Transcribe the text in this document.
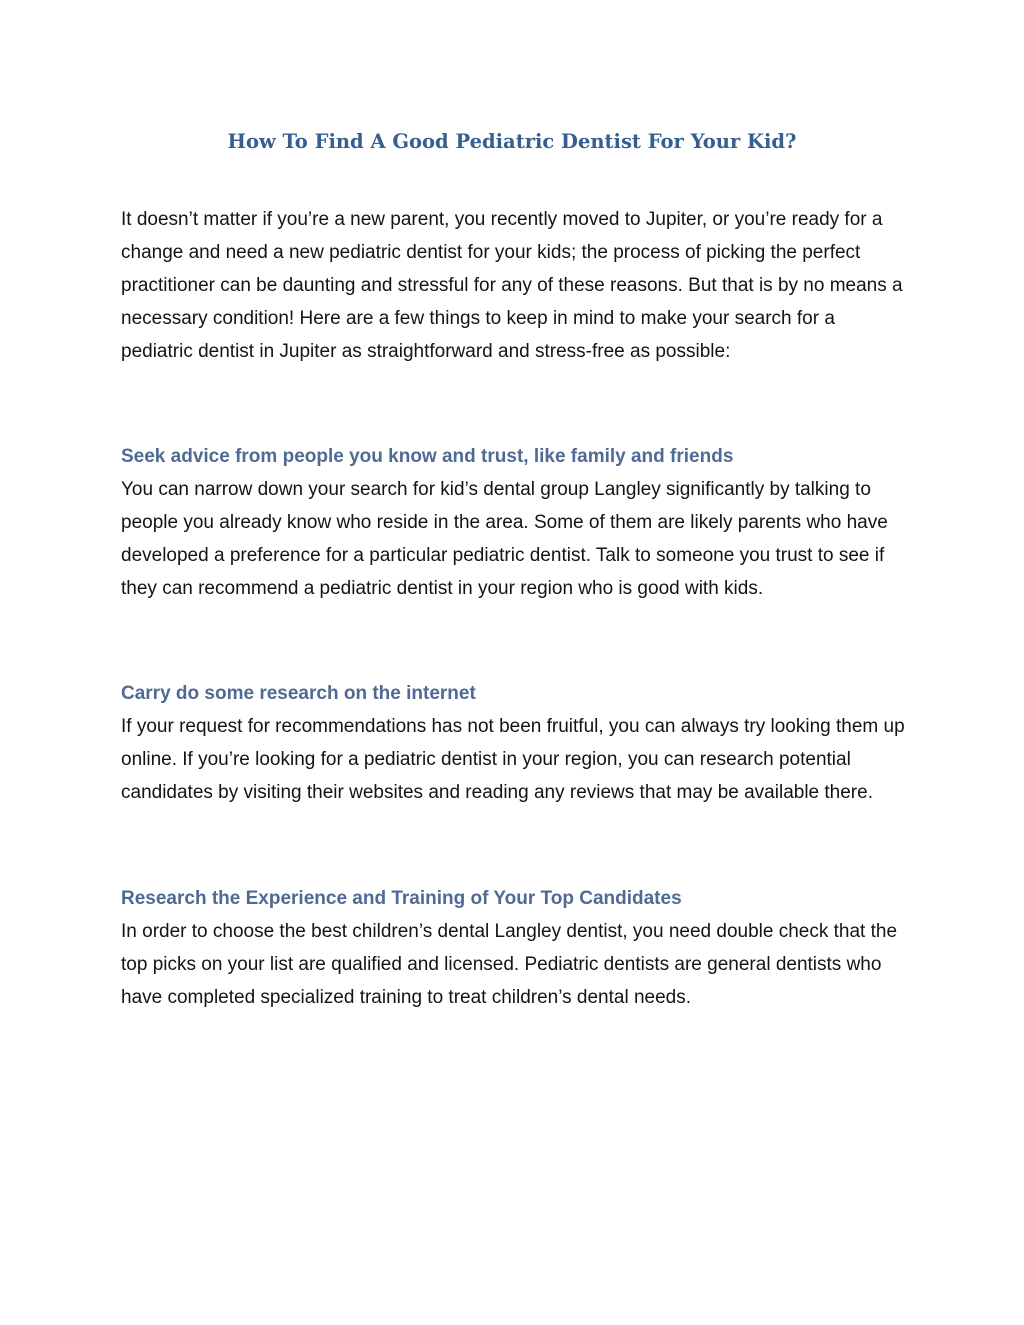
How To Find A Good Pediatric Dentist For Your Kid?

It doesn’t matter if you’re a new parent, you recently moved to Jupiter, or you’re ready for a change and need a new pediatric dentist for your kids; the process of picking the perfect practitioner can be daunting and stressful for any of these reasons. But that is by no means a necessary condition! Here are a few things to keep in mind to make your search for a pediatric dentist in Jupiter as straightforward and stress-free as possible:

Seek advice from people you know and trust, like family and friends

You can narrow down your search for kid’s dental group Langley significantly by talking to people you already know who reside in the area. Some of them are likely parents who have developed a preference for a particular pediatric dentist. Talk to someone you trust to see if they can recommend a pediatric dentist in your region who is good with kids.

Carry do some research on the internet

If your request for recommendations has not been fruitful, you can always try looking them up online. If you’re looking for a pediatric dentist in your region, you can research potential candidates by visiting their websites and reading any reviews that may be available there.

Research the Experience and Training of Your Top Candidates

In order to choose the best children’s dental Langley dentist, you need double check that the top picks on your list are qualified and licensed. Pediatric dentists are general dentists who have completed specialized training to treat children’s dental needs.
